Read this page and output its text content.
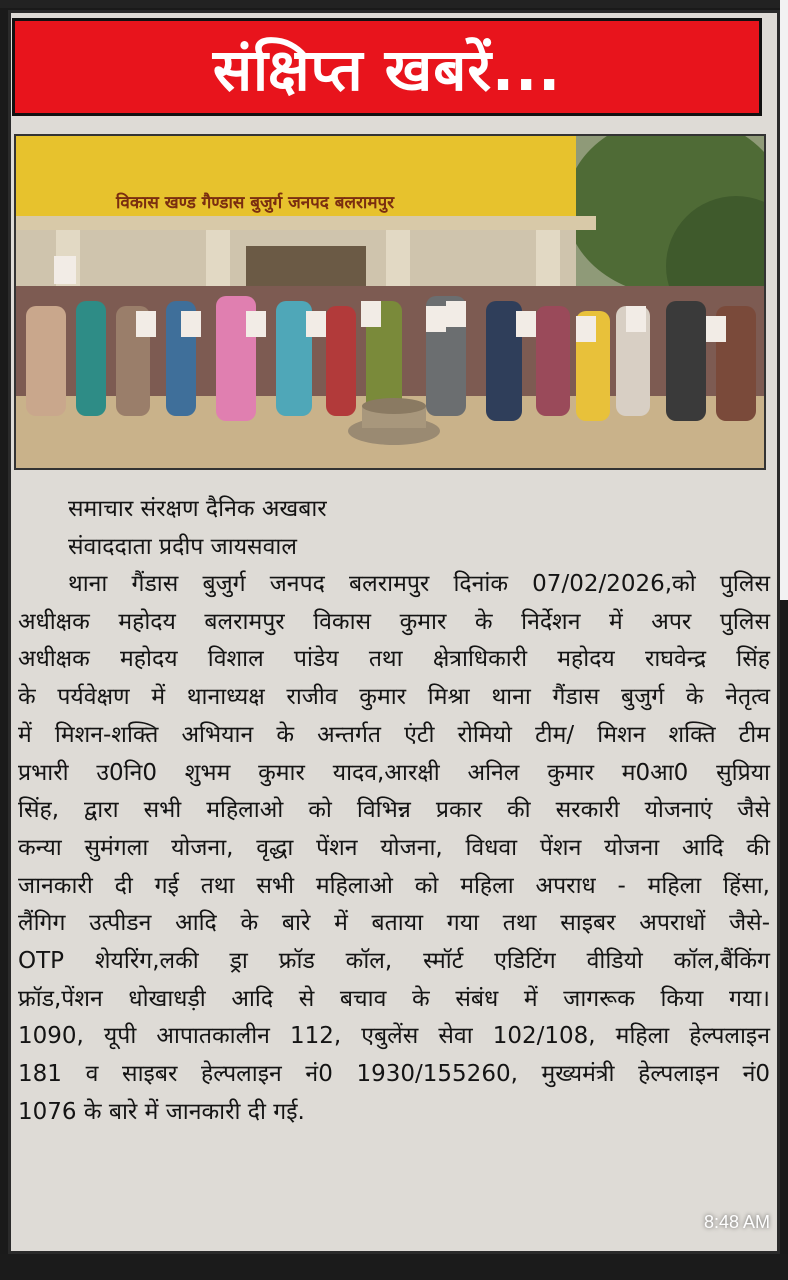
संक्षिप्त खबरें...
विकास खण्ड गैण्डास बुजुर्ग जनपद बलरामपुर
समाचार संरक्षण दैनिक अखबार
संवाददाता प्रदीप जायसवाल
थाना गैंडास बुजुर्ग जनपद बलरामपुर दिनांक 07/02/2026,को पुलिस
अधीक्षक महोदय बलरामपुर विकास कुमार के निर्देशन में अपर पुलिस
अधीक्षक महोदय विशाल पांडेय तथा क्षेत्राधिकारी महोदय राघवेन्द्र सिंह
के पर्यवेक्षण में थानाध्यक्ष राजीव कुमार मिश्रा थाना गैंडास बुजुर्ग के नेतृत्व
में मिशन-शक्ति अभियान के अन्तर्गत एंटी रोमियो टीम/ मिशन शक्ति टीम
प्रभारी उ0नि0 शुभम कुमार यादव,आरक्षी अनिल कुमार म0आ0 सुप्रिया
सिंह, द्वारा सभी महिलाओ को विभिन्न प्रकार की सरकारी योजनाएं जैसे
कन्या सुमंगला योजना, वृद्धा पेंशन योजना, विधवा पेंशन योजना आदि की
जानकारी दी गई तथा सभी महिलाओ को महिला अपराध - महिला हिंसा,
लैंगिग उत्पीडन आदि के बारे में बताया गया तथा साइबर अपराधों जैसे-
OTP शेयरिंग,लकी ड्रा फ्रॉड कॉल, स्मॉर्ट एडिटिंग वीडियो कॉल,बैंकिंग
फ्रॉड,पेंशन धोखाधड़ी आदि से बचाव के संबंध में जागरूक किया गया।
1090, यूपी आपातकालीन 112, एबुलेंस सेवा 102/108, महिला हेल्पलाइन
181 व साइबर हेल्पलाइन नं0 1930/155260, मुख्यमंत्री हेल्पलाइन नं0
1076 के बारे में जानकारी दी गई.
8:48 AM
